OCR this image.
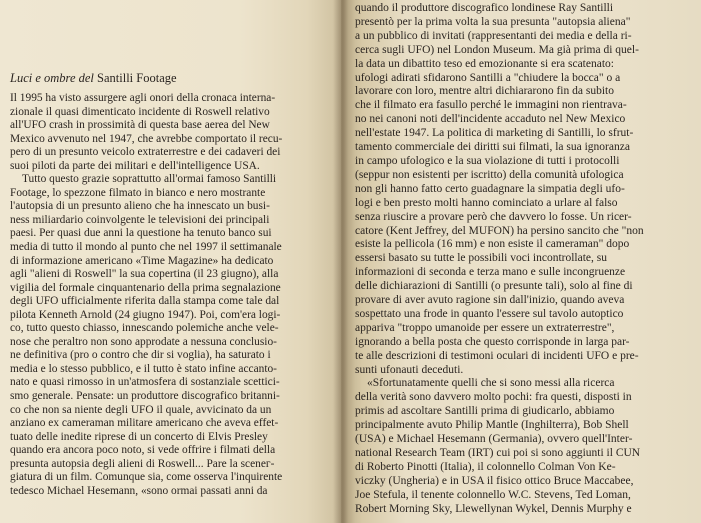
Luci e ombre del Santilli Footage

Il 1995 ha visto assurgere agli onori della cronaca interna-
zionale il quasi dimenticato incidente di Roswell relativo
all'UFO crash in prossimità di questa base aerea del New
Mexico avvenuto nel 1947, che avrebbe comportato il recu-
pero di un presunto veicolo extraterrestre e dei cadaveri dei
suoi piloti da parte dei militari e dell'intelligence USA.

Tutto questo grazie soprattutto all'ormai famoso Santilli
Footage, lo spezzone filmato in bianco e nero mostrante
l'autopsia di un presunto alieno che ha innescato un busi-
ness miliardario coinvolgente le televisioni dei principali
paesi. Per quasi due anni la questione ha tenuto banco sui
media di tutto il mondo al punto che nel 1997 il settimanale
di informazione americano «Time Magazine» ha dedicato
agli "alieni di Roswell" la sua copertina (il 23 giugno), alla
vigilia del formale cinquantenario della prima segnalazione
degli UFO ufficialmente riferita dalla stampa come tale dal
pilota Kenneth Arnold (24 giugno 1947). Poi, com'era logi-
co, tutto questo chiasso, innescando polemiche anche vele-
nose che peraltro non sono approdate a nessuna conclusio-
ne definitiva (pro o contro che dir si voglia), ha saturato i
media e lo stesso pubblico, e il tutto è stato infine accanto-
nato e quasi rimosso in un'atmosfera di sostanziale scettici-
smo generale. Pensate: un produttore discografico britanni-
co che non sa niente degli UFO il quale, avvicinato da un
anziano ex cameraman militare americano che aveva effet-
tuato delle inedite riprese di un concerto di Elvis Presley
quando era ancora poco noto, si vede offrire i filmati della
presunta autopsia degli alieni di Roswell... Pare la scenег-
giatura di un film. Comunque sia, come osserva l'inquirente
tedesco Michael Hesemann, «sono ormai passati anni da

quando il produttore discografico londinese Ray Santilli
presentò per la prima volta la sua presunta "autopsia aliena"
a un pubblico di invitati (rappresentanti dei media e della ri-
cerca sugli UFO) nel London Museum. Ma già prima di quel-
la data un dibattito teso ed emozionante si era scatenato:
ufologi adirati sfidarono Santilli a "chiudere la bocca" o a
lavorare con loro, mentre altri dichiararono fin da subito
che il filmato era fasullo perché le immagini non rientrava-
no nei canoni noti dell'incidente accaduto nel New Mexico
nell'estate 1947. La politica di marketing di Santilli, lo sfrut-
tamento commerciale dei diritti sui filmati, la sua ignoranza
in campo ufologico e la sua violazione di tutti i protocolli
(seppur non esistenti per iscritto) della comunità ufologica
non gli hanno fatto certo guadagnare la simpatia degli ufo-
logi e ben presto molti hanno cominciato a urlare al falso
senza riuscire a provare però che davvero lo fosse. Un ricer-
catore (Kent Jeffrey, del MUFON) ha persino sancito che "non
esiste la pellicola (16 mm) e non esiste il cameraman" dopo
essersi basato su tutte le possibili voci incontrollate, su
informazioni di seconda e terza mano e sulle incongruenze
delle dichiarazioni di Santilli (o presunte tali), solo al fine di
provare di aver avuto ragione sin dall'inizio, quando aveva
sospettato una frode in quanto l'essere sul tavolo autoptico
appariva "troppo umanoide per essere un extraterrestre",
ignorando a bella posta che questo corrisponde in larga par-
te alle descrizioni di testimoni oculari di incidenti UFO e pre-
sunti ufonauti deceduti.

«Sfortunatamente quelli che si sono messi alla ricerca
della verità sono davvero molto pochi: fra questi, disposti in
primis ad ascoltare Santilli prima di giudicarlo, abbiamo
principalmente avuto Philip Mantle (Inghilterra), Bob Shell
(USA) e Michael Hesemann (Germania), ovvero quell'Inter-
national Research Team (IRT) cui poi si sono aggiunti il CUN
di Roberto Pinotti (Italia), il colonnello Colman Von Ke-
viczky (Ungheria) e in USA il fisico ottico Bruce Maccabee,
Joe Stefula, il tenente colonnello W.C. Stevens, Ted Loman,
Robert Morning Sky, Llewellynan Wykel, Dennis Murphy e
